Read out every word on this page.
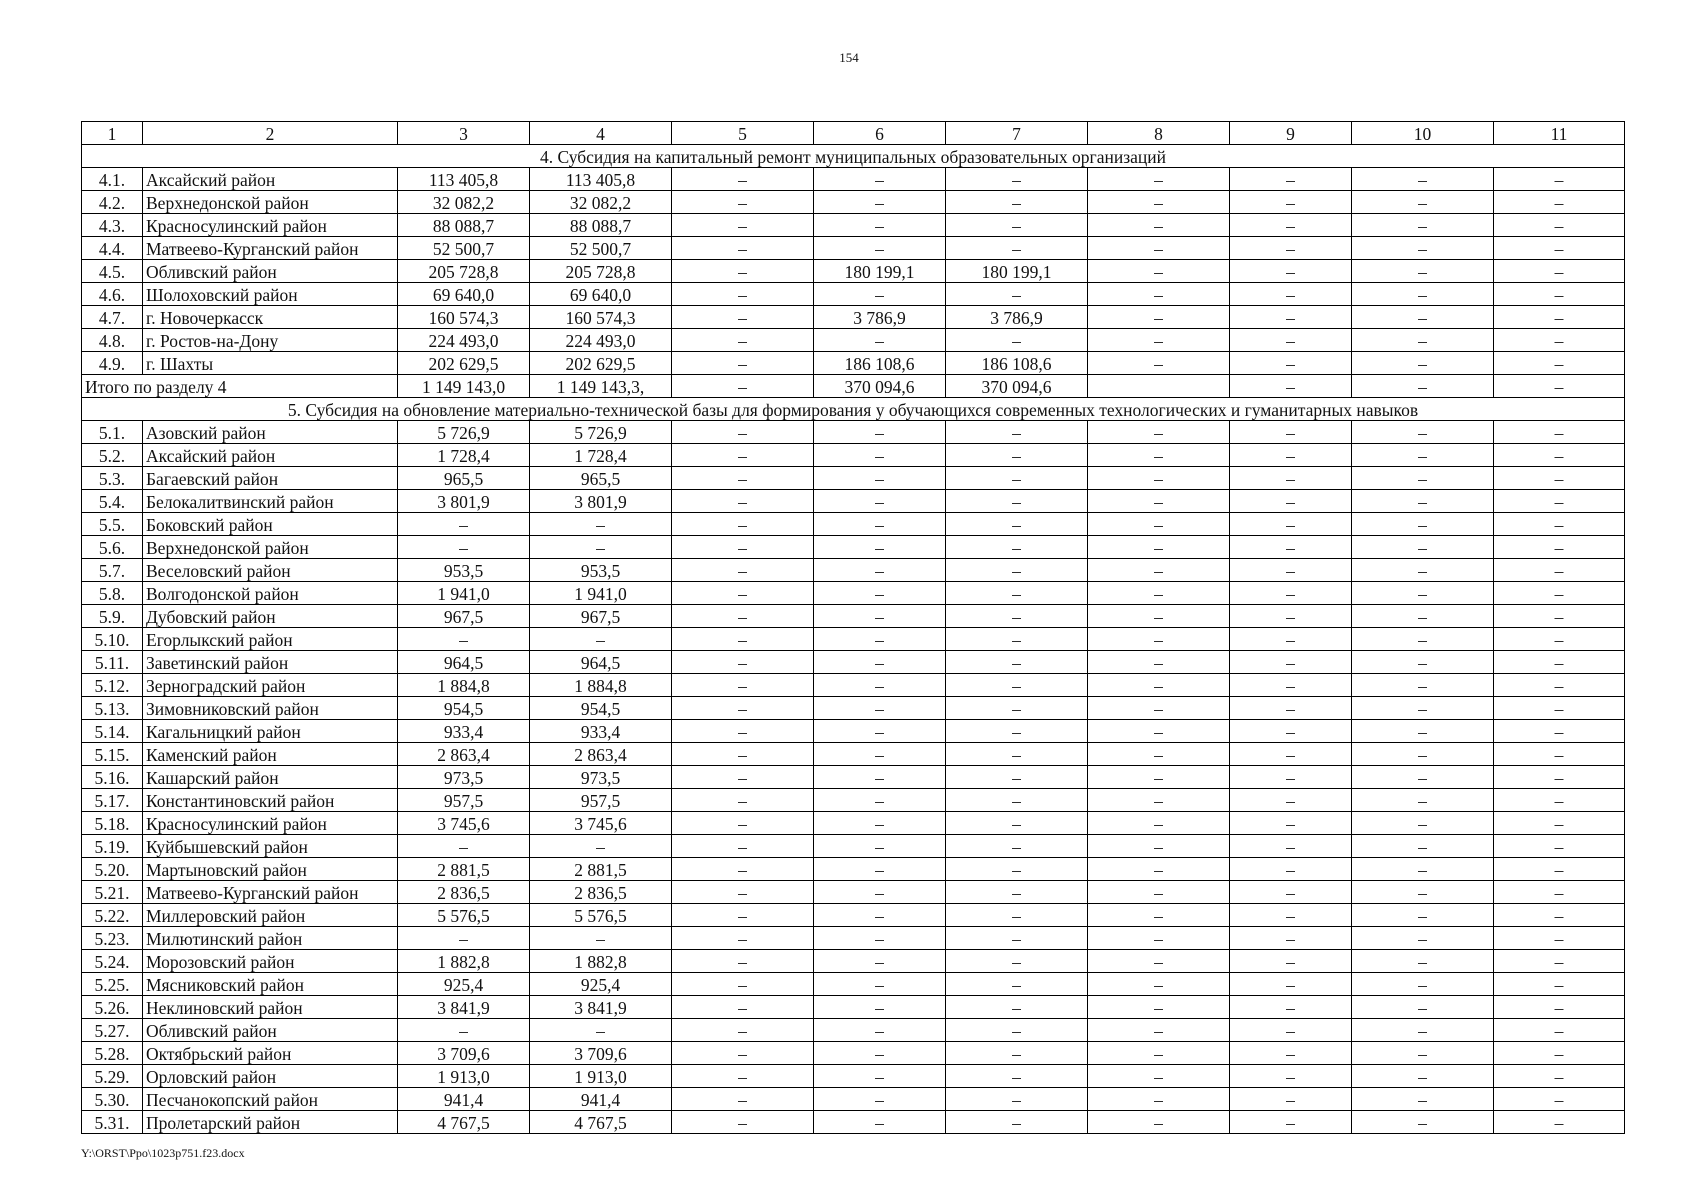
154
1	2	3	4	5	6	7	8	9	10	11
4. Субсидия на капитальный ремонт муниципальных образовательных организаций										
4.1.	Аксайский район	113 405,8	113 405,8	–	–	–	–	–	–	–
4.2.	Верхнедонской район	32 082,2	32 082,2	–	–	–	–	–	–	–
4.3.	Красносулинский район	88 088,7	88 088,7	–	–	–	–	–	–	–
4.4.	Матвеево-Курганский район	52 500,7	52 500,7	–	–	–	–	–	–	–
4.5.	Обливский район	205 728,8	205 728,8	–	180 199,1	180 199,1	–	–	–	–
4.6.	Шолоховский район	69 640,0	69 640,0	–	–	–	–	–	–	–
4.7.	г. Новочеркасск	160 574,3	160 574,3	–	3 786,9	3 786,9	–	–	–	–
4.8.	г. Ростов-на-Дону	224 493,0	224 493,0	–	–	–	–	–	–	–
4.9.	г. Шахты	202 629,5	202 629,5	–	186 108,6	186 108,6	–	–	–	–
Итого по разделу 4		1 149 143,0	1 149 143,3,	–	370 094,6	370 094,6		–	–	–
5. Субсидия на обновление материально-технической базы для формирования у обучающихся современных технологических и гуманитарных навыков										
5.1.	Азовский район	5 726,9	5 726,9	–	–	–	–	–	–	–
5.2.	Аксайский район	1 728,4	1 728,4	–	–	–	–	–	–	–
5.3.	Багаевский район	965,5	965,5	–	–	–	–	–	–	–
5.4.	Белокалитвинский район	3 801,9	3 801,9	–	–	–	–	–	–	–
5.5.	Боковский район	–	–	–	–	–	–	–	–	–
5.6.	Верхнедонской район	–	–	–	–	–	–	–	–	–
5.7.	Веселовский район	953,5	953,5	–	–	–	–	–	–	–
5.8.	Волгодонской район	1 941,0	1 941,0	–	–	–	–	–	–	–
5.9.	Дубовский район	967,5	967,5	–	–	–	–	–	–	–
5.10.	Егорлыкский район	–	–	–	–	–	–	–	–	–
5.11.	Заветинский район	964,5	964,5	–	–	–	–	–	–	–
5.12.	Зерноградский район	1 884,8	1 884,8	–	–	–	–	–	–	–
5.13.	Зимовниковский район	954,5	954,5	–	–	–	–	–	–	–
5.14.	Кагальницкий район	933,4	933,4	–	–	–	–	–	–	–
5.15.	Каменский район	2 863,4	2 863,4	–	–	–	–	–	–	–
5.16.	Кашарский район	973,5	973,5	–	–	–	–	–	–	–
5.17.	Константиновский район	957,5	957,5	–	–	–	–	–	–	–
5.18.	Красносулинский район	3 745,6	3 745,6	–	–	–	–	–	–	–
5.19.	Куйбышевский район	–	–	–	–	–	–	–	–	–
5.20.	Мартыновский район	2 881,5	2 881,5	–	–	–	–	–	–	–
5.21.	Матвеево-Курганский район	2 836,5	2 836,5	–	–	–	–	–	–	–
5.22.	Миллеровский район	5 576,5	5 576,5	–	–	–	–	–	–	–
5.23.	Милютинский район	–	–	–	–	–	–	–	–	–
5.24.	Морозовский район	1 882,8	1 882,8	–	–	–	–	–	–	–
5.25.	Мясниковский район	925,4	925,4	–	–	–	–	–	–	–
5.26.	Неклиновский район	3 841,9	3 841,9	–	–	–	–	–	–	–
5.27.	Обливский район	–	–	–	–	–	–	–	–	–
5.28.	Октябрьский район	3 709,6	3 709,6	–	–	–	–	–	–	–
5.29.	Орловский район	1 913,0	1 913,0	–	–	–	–	–	–	–
5.30.	Песчанокопский район	941,4	941,4	–	–	–	–	–	–	–
5.31.	Пролетарский район	4 767,5	4 767,5	–	–	–	–	–	–	–
Y:\ORST\Ppo\1023p751.f23.docx
